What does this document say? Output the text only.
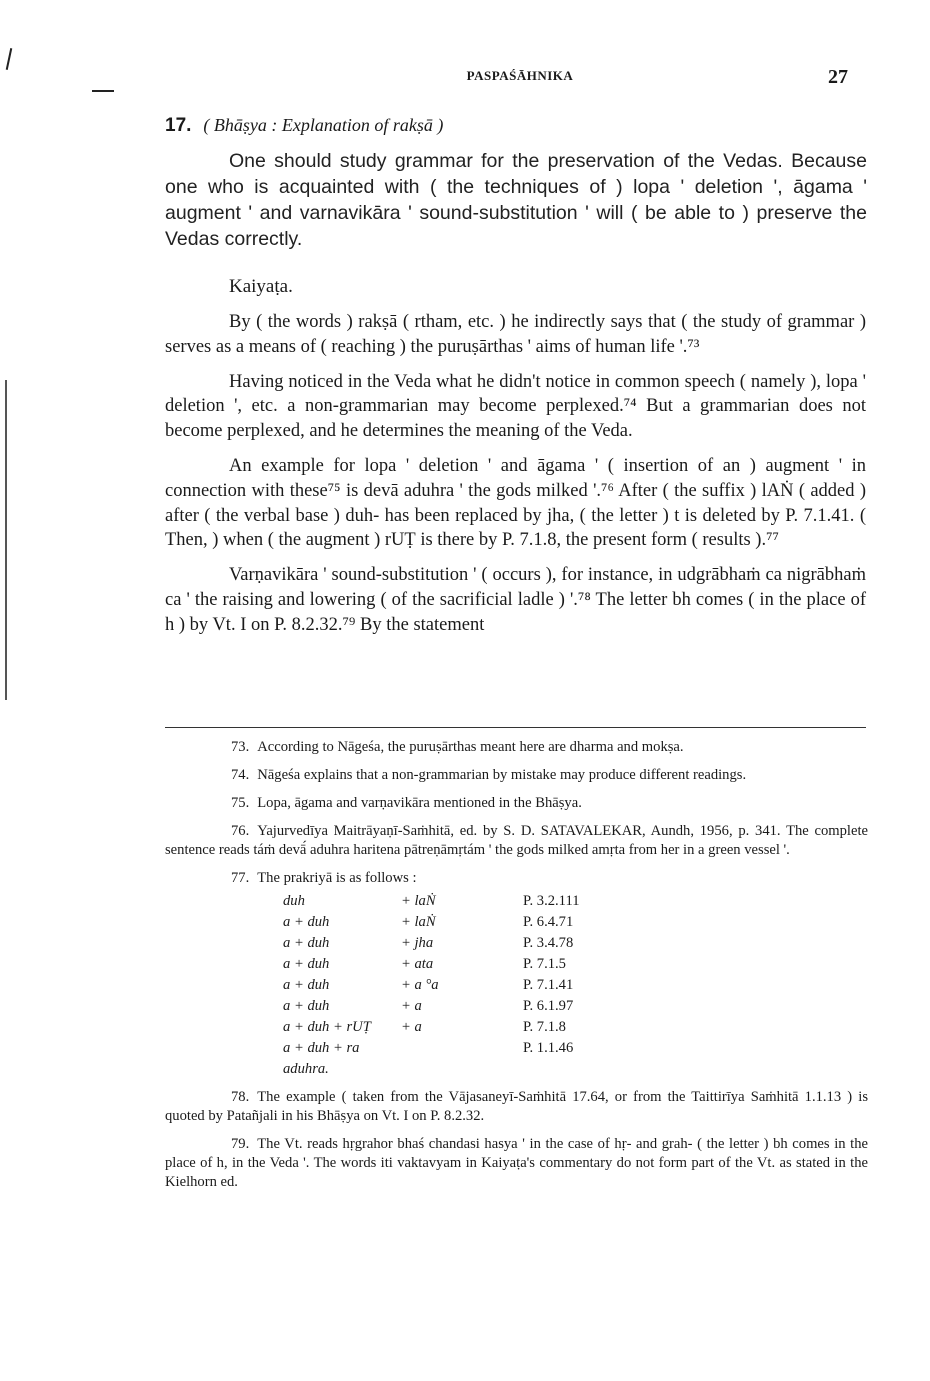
PASPAŚĀHNIKA	27
17. ( Bhāṣya : Explanation of rakṣā )

One should study grammar for the preservation of the Vedas. Because one who is acquainted with ( the techniques of ) lopa ' deletion ', āgama ' augment ' and varnavikāra ' sound-substitution ' will ( be able to ) preserve the Vedas correctly.

Kaiyaṭa.

By ( the words ) rakṣā ( rtham, etc. ) he indirectly says that ( the study of grammar ) serves as a means of ( reaching ) the puruṣārthas ' aims of human life '.⁷³

Having noticed in the Veda what he didn't notice in common speech ( namely ), lopa ' deletion ', etc. a non-grammarian may become perplexed.⁷⁴ But a grammarian does not become perplexed, and he determines the meaning of the Veda.

An example for lopa ' deletion ' and āgama ' ( insertion of an ) augment ' in connection with these⁷⁵ is devā aduhra ' the gods milked '.⁷⁶ After ( the suffix ) lAṄ ( added ) after ( the verbal base ) duh- has been replaced by jha, ( the letter ) t is deleted by P. 7.1.41. ( Then, ) when ( the augment ) rUṬ is there by P. 7.1.8, the present form ( results ).⁷⁷

Varṇavikāra ' sound-substitution ' ( occurs ), for instance, in udgrābhaṁ ca nigrābhaṁ ca ' the raising and lowering ( of the sacrificial ladle ) '.⁷⁸ The letter bh comes ( in the place of h ) by Vt. I on P. 8.2.32.⁷⁹ By the statement

73. According to Nāgeśa, the puruṣārthas meant here are dharma and mokṣa.

74. Nāgeśa explains that a non-grammarian by mistake may produce different readings.

75. Lopa, āgama and varṇavikāra mentioned in the Bhāṣya.

76. Yajurvedīya Maitrāyaṇī-Saṁhitā, ed. by S. D. SATAVALEKAR, Aundh, 1956, p. 341. The complete sentence reads táṁ devā́ aduhra haritena pātreṇāmṛtám ' the gods milked amṛta from her in a green vessel '.

77. The prakriyā is as follows :

duh	+ laṄ	P. 3.2.111
a + duh	+ laṄ	P. 6.4.71
a + duh	+ jha	P. 3.4.78
a + duh	+ ata	P. 7.1.5
a + duh	+ a °a	P. 7.1.41
a + duh	+ a	P. 6.1.97
a + duh + rUṬ	+ a	P. 7.1.8
a + duh + ra		P. 1.1.46
aduhra.		

78. The example ( taken from the Vājasaneyī-Saṁhitā 17.64, or from the Taittirīya Saṁhitā 1.1.13 ) is quoted by Patañjali in his Bhāṣya on Vt. I on P. 8.2.32.

79. The Vt. reads hṛgrahor bhaś chandasi hasya ' in the case of hṛ- and grah- ( the letter ) bh comes in the place of h, in the Veda '. The words iti vaktavyam in Kaiyaṭa's commentary do not form part of the Vt. as stated in the Kielhorn ed.
